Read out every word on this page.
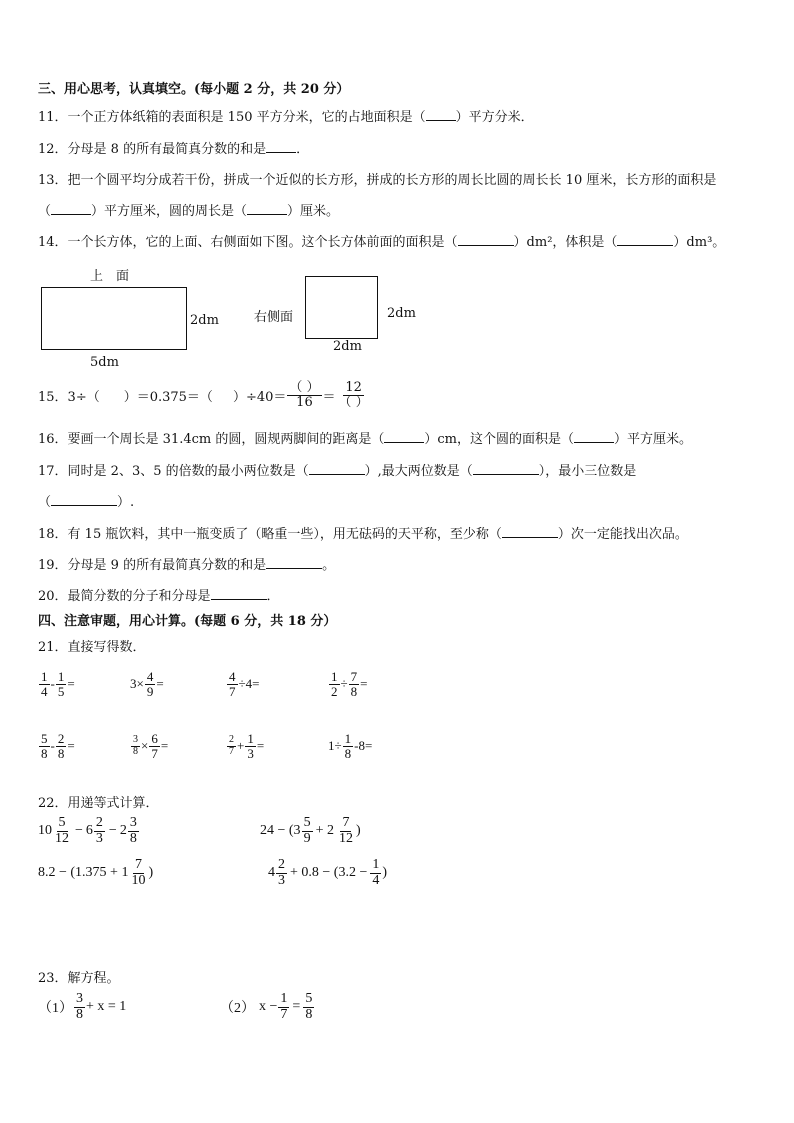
三、用心思考，认真填空。(每小题 2 分，共 20 分）
11．一个正方体纸箱的表面积是 150 平方分米，它的占地面积是（ ）平方分米．
12．分母是 8 的所有最简真分数的和是 ．
13．把一个圆平均分成若干份，拼成一个近似的长方形，拼成的长方形的周长比圆的周长长 10 厘米，长方形的面积是
（	）平方厘米，圆的周长是（	）厘米。
14．一个长方体，它的上面、右侧面如下图。这个长方体前面的面积是（	）dm²，体积是（	）dm³。
上　面
2dm
5dm
右侧面	2dm
2dm
15．3÷（ ）＝0.375＝（ ）$\div 40= \frac{( )}{16} = \frac{12}{( )}$
16．要画一个周长是 31.4cm 的圆，圆规两脚间的距离是（	）cm，这个圆的面积是（	）平方厘米。
17．同时是 2、3、5 的倍数的最小两位数是（	）,最大两位数是（	），最小三位数是
（	）.
18．有 15 瓶饮料，其中一瓶变质了（略重一些），用无砝码的天平称，至少称（	）次一定能找出次品。
19．分母是 9 的所有最简真分数的和是	。
20．最简分数的分子和分母是	．
四、注意审题，用心计算。(每题 6 分，共 18 分）
21．直接写得数．
$\frac{1}{4} - \frac{1}{5}$ =	$3\times \frac{4}{9}$ =	$\frac{4}{7} \div 4=$	$\frac{1}{2} \div \frac{7}{8}$ =
$\frac{5}{8} - \frac{2}{8}$ =	$\frac{3}{8} \times \frac{6}{7}$ =	$\frac{2}{7} + \frac{1}{3}$ =	$1\div \frac{1}{8} -8=$
22．用递等式计算．
$10 \frac{5}{12} - 6 \frac{2}{3} - 2 \frac{3}{8}$	$24 - (3 \frac{5}{9} + 2 \frac{7}{12}$ )
$8.2 - (1.375 + 1 \frac{7}{10}$ )	$4 \frac{2}{3} + 0.8 - (3.2 - \frac{1}{4}$ )
23．解方程。
$(1) \frac{3}{8} + x = 1$	（2） $x - \frac{1}{7} = \frac{5}{8}$
